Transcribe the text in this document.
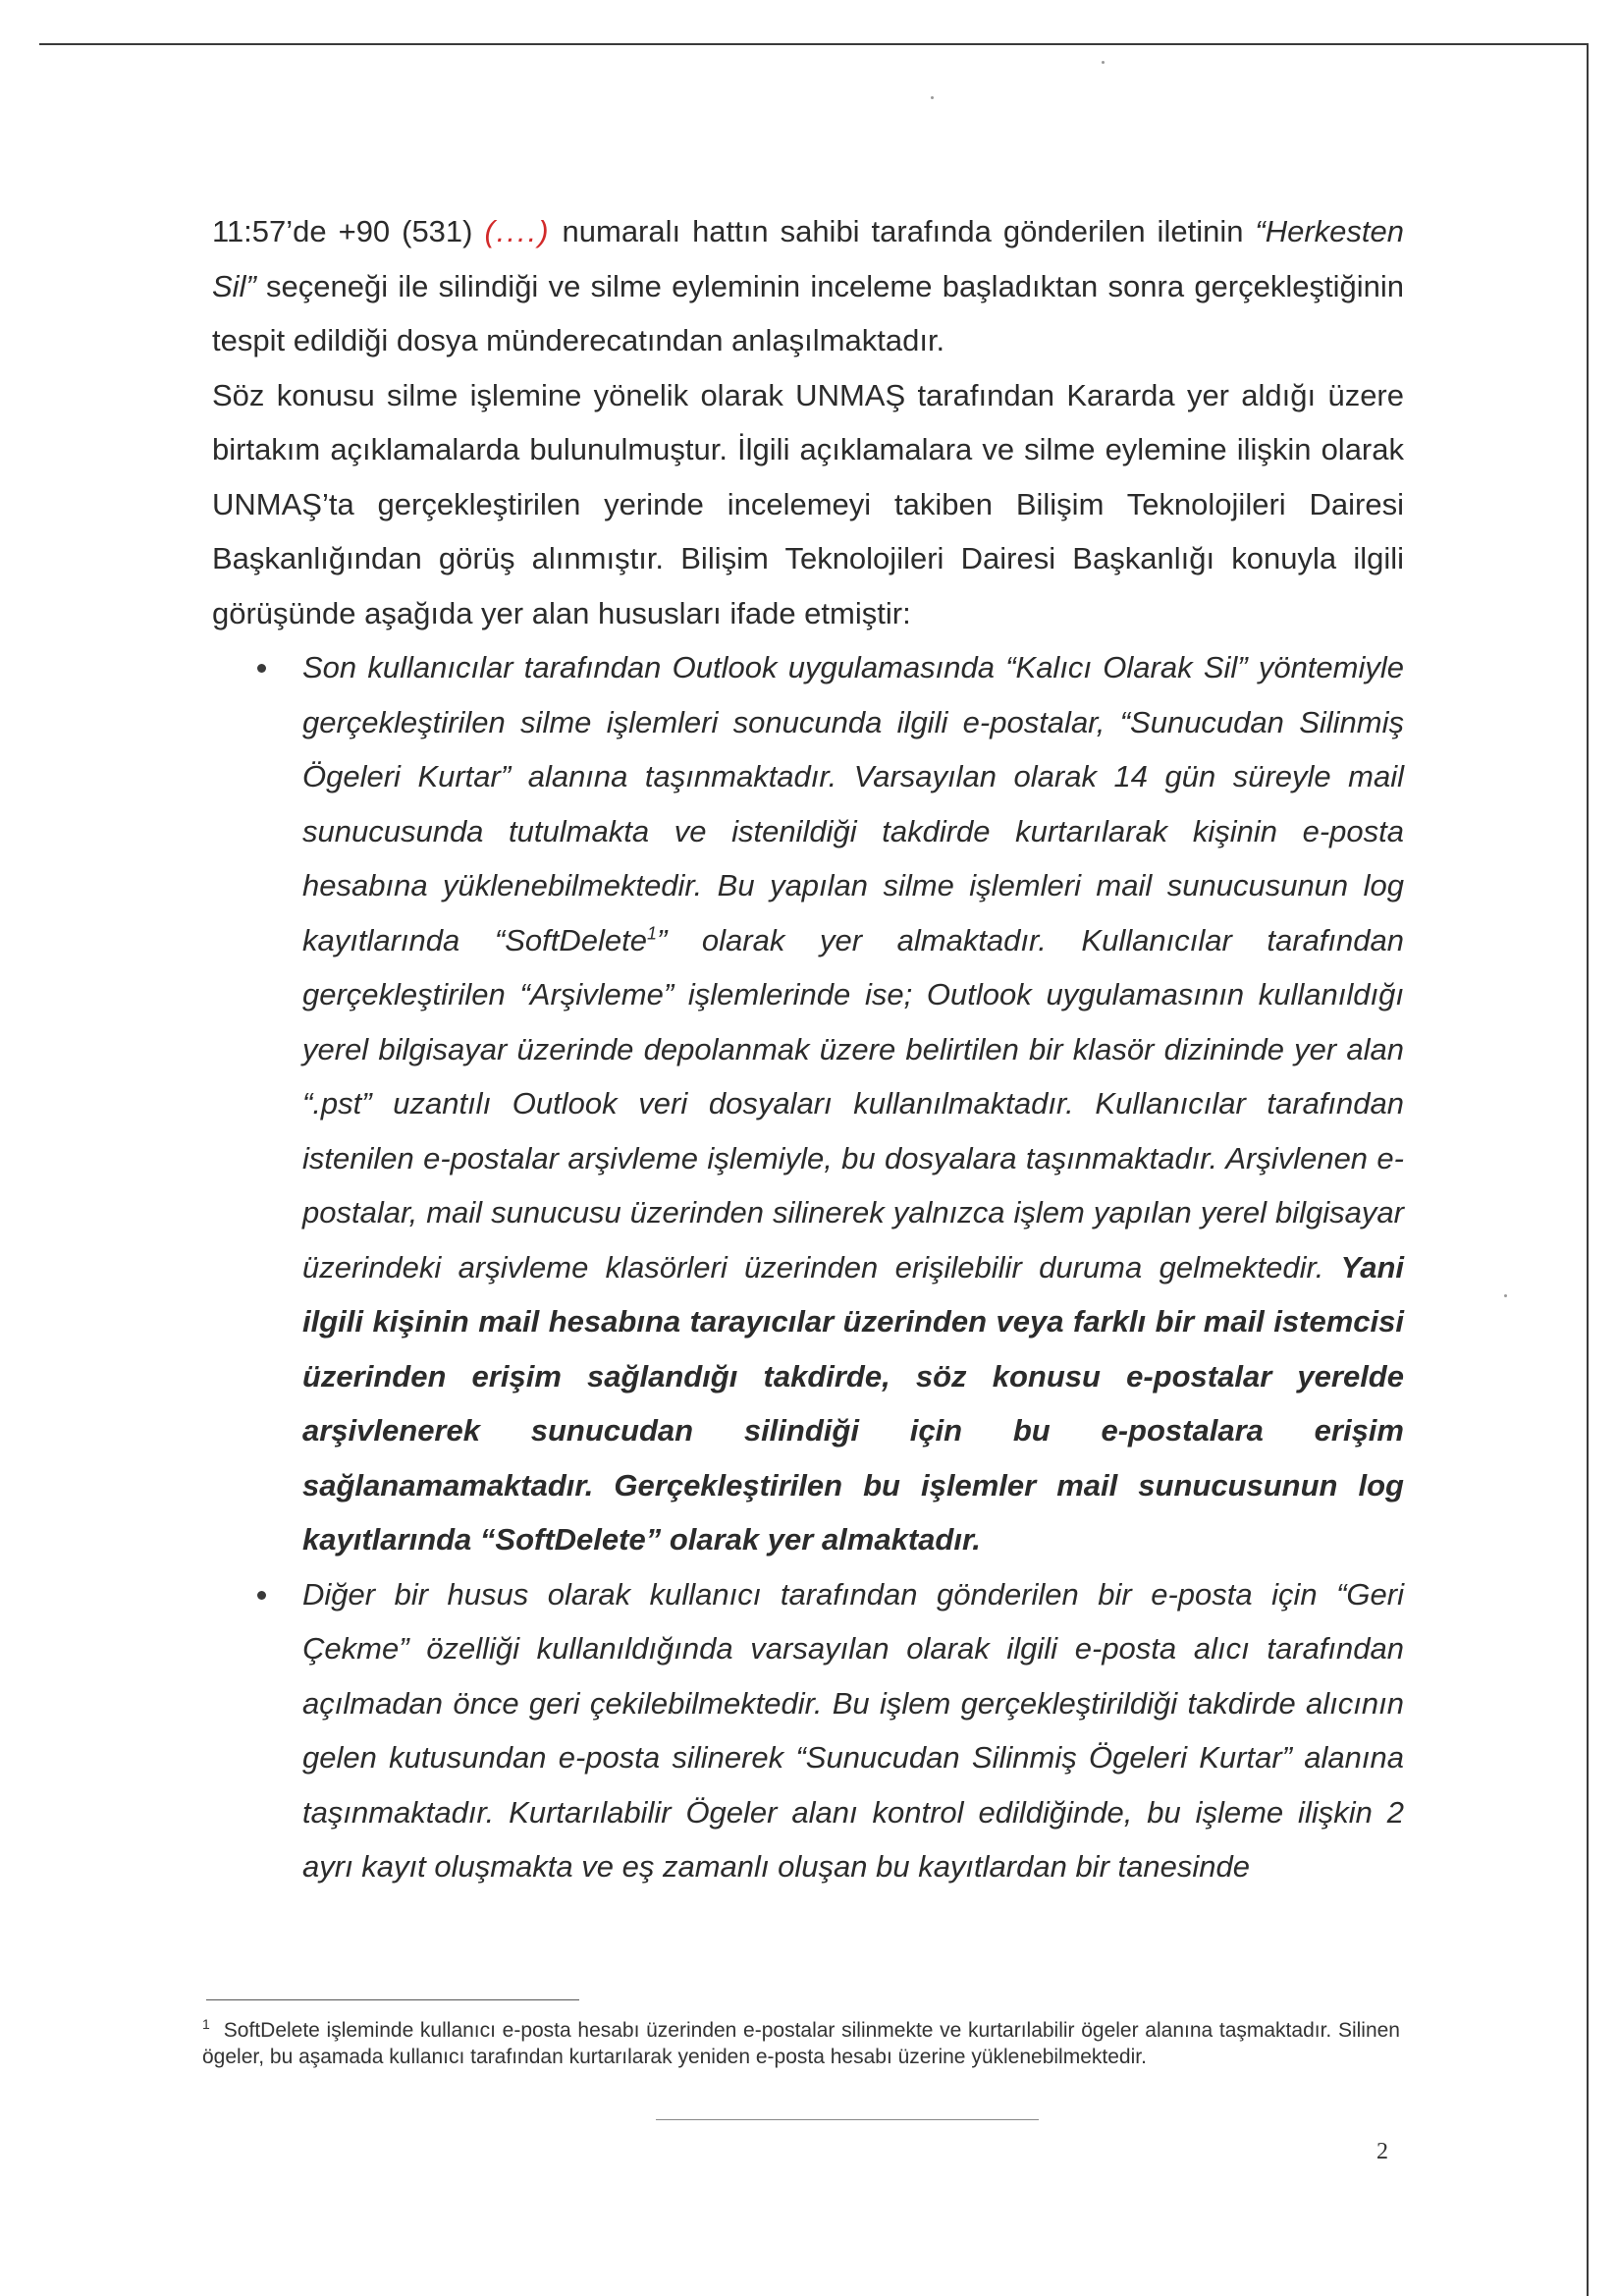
11:57’de +90 (531) (....) numaralı hattın sahibi tarafında gönderilen iletinin “Herkesten Sil” seçeneği ile silindiği ve silme eyleminin inceleme başladıktan sonra gerçekleştiğinin tespit edildiği dosya münderecatından anlaşılmaktadır.

Söz konusu silme işlemine yönelik olarak UNMAŞ tarafından Kararda yer aldığı üzere birtakım açıklamalarda bulunulmuştur. İlgili açıklamalara ve silme eylemine ilişkin olarak UNMAŞ’ta gerçekleştirilen yerinde incelemeyi takiben Bilişim Teknolojileri Dairesi Başkanlığından görüş alınmıştır. Bilişim Teknolojileri Dairesi Başkanlığı konuyla ilgili görüşünde aşağıda yer alan hususları ifade etmiştir:

Son kullanıcılar tarafından Outlook uygulamasında “Kalıcı Olarak Sil” yöntemiyle gerçekleştirilen silme işlemleri sonucunda ilgili e-postalar, “Sunucudan Silinmiş Ögeleri Kurtar” alanına taşınmaktadır. Varsayılan olarak 14 gün süreyle mail sunucusunda tutulmakta ve istenildiği takdirde kurtarılarak kişinin e-posta hesabına yüklenebilmektedir. Bu yapılan silme işlemleri mail sunucusunun log kayıtlarında “SoftDelete$^1$” olarak yer almaktadır. Kullanıcılar tarafından gerçekleştirilen “Arşivleme” işlemlerinde ise; Outlook uygulamasının kullanıldığı yerel bilgisayar üzerinde depolanmak üzere belirtilen bir klasör dizininde yer alan “.pst” uzantılı Outlook veri dosyaları kullanılmaktadır. Kullanıcılar tarafından istenilen e-postalar arşivleme işlemiyle, bu dosyalara taşınmaktadır. Arşivlenen e-postalar, mail sunucusu üzerinden silinerek yalnızca işlem yapılan yerel bilgisayar üzerindeki arşivleme klasörleri üzerinden erişilebilir duruma gelmektedir. Yani ilgili kişinin mail hesabına tarayıcılar üzerinden veya farklı bir mail istemcisi üzerinden erişim sağlandığı takdirde, söz konusu e-postalar yerelde arşivlenerek sunucudan silindiği için bu e-postalara erişim sağlanamamaktadır. Gerçekleştirilen bu işlemler mail sunucusunun log kayıtlarında “SoftDelete” olarak yer almaktadır.
Diğer bir husus olarak kullanıcı tarafından gönderilen bir e-posta için “Geri Çekme” özelliği kullanıldığında varsayılan olarak ilgili e-posta alıcı tarafından açılmadan önce geri çekilebilmektedir. Bu işlem gerçekleştirildiği takdirde alıcının gelen kutusundan e-posta silinerek “Sunucudan Silinmiş Ögeleri Kurtar” alanına taşınmaktadır. Kurtarılabilir Ögeler alanı kontrol edildiğinde, bu işleme ilişkin 2 ayrı kayıt oluşmakta ve eş zamanlı oluşan bu kayıtlardan bir tanesinde
$^1$ SoftDelete işleminde kullanıcı e-posta hesabı üzerinden e-postalar silinmekte ve kurtarılabilir ögeler alanına taşmaktadır. Silinen ögeler, bu aşamada kullanıcı tarafından kurtarılarak yeniden e-posta hesabı üzerine yüklenebilmektedir.
2
